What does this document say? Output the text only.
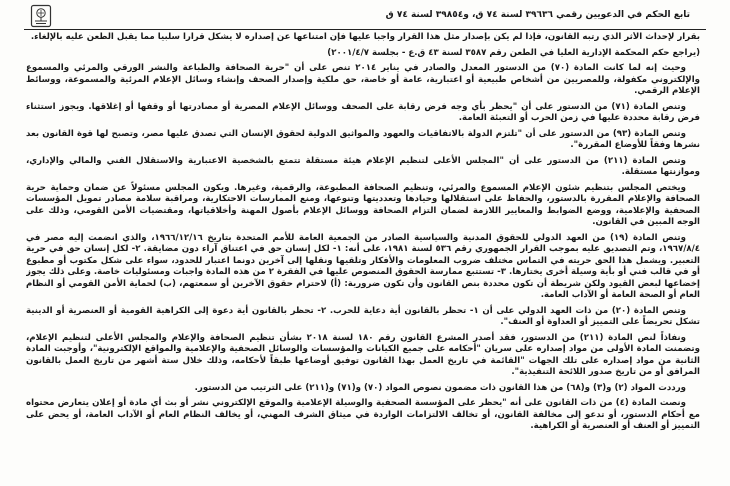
تابع الحكم في الدعويين رقمي ٣٩٦٣٦ لسنة ٧٤ ق، و٣٩٨٥٤ لسنة ٧٤ ق

بقرار لإحداث الأثر الذي رتبه القانون، فإذا لم يكن بإصدار مثل هذا القرار واجباً عليها فإن امتناعها عن إصداره لا يشكل قراراً سلبياً مما يقبل الطعن عليه بالإلغاء.

(يراجع حكم المحكمة الإدارية العليا في الطعن رقم ٣٥٨٧ لسنة ٤٣ ق.ع - بجلسة ٢٠٠١/٤/٧)

وحيث إنه لما كانت المادة (٧٠) من الدستور المعدل والصادر في يناير ٢٠١٤ تنص على أن "حرية الصحافة والطباعة والنشر الورقي والمرئي والمسموع والإلكتروني مكفولة، وللمصريين من أشخاص طبيعية أو اعتبارية، عامة أو خاصة، حق ملكية وإصدار الصحف وإنشاء وسائل الإعلام المرئية والمسموعة، ووسائط الإعلام الرقمي.

وتنص المادة (٧١) من الدستور على أن "يحظر بأي وجه فرض رقابة على الصحف ووسائل الإعلام المصرية أو مصادرتها أو وقفها أو إغلاقها. ويجوز استثناء فرض رقابة محددة عليها في زمن الحرب أو التعبئة العامة.

وتنص المادة (٩٣) من الدستور على أن "تلتزم الدولة بالاتفاقيات والعهود والمواثيق الدولية لحقوق الإنسان التي تصدق عليها مصر، وتصبح لها قوة القانون بعد نشرها وفقاً للأوضاع المقررة".

وتنص المادة (٢١١) من الدستور على أن "المجلس الأعلى لتنظيم الإعلام هيئة مستقلة تتمتع بالشخصية الاعتبارية والاستقلال الفني والمالي والإداري، وموازنتها مستقلة.

ويختص المجلس بتنظيم شئون الإعلام المسموع والمرئي، وتنظيم الصحافة المطبوعة، والرقمية، وغيرها. ويكون المجلس مسئولاً عن ضمان وحماية حرية الصحافة والإعلام المقررة بالدستور، والحفاظ على استقلالها وحيادها وتعدديتها وتنوعها، ومنع الممارسات الاحتكارية، ومراقبة سلامة مصادر تمويل المؤسسات الصحفية والإعلامية، ووضع الضوابط والمعايير اللازمة لضمان التزام الصحافة ووسائل الإعلام بأصول المهنة وأخلاقياتها، ومقتضيات الأمن القومي، وذلك على الوجه المبين في القانون.

وتنص المادة (١٩) من العهد الدولي للحقوق المدنية والسياسية الصادر من الجمعية العامة للأمم المتحدة بتاريخ ١٩٦٦/١٢/١٦، والذي انضمت إليه مصر في ١٩٦٧/٨/٤، وتم التصديق عليه بموجب القرار الجمهوري رقم ٥٣٦ لسنة ١٩٨١، على أنه: ١- لكل إنسان حق في اعتناق آراء دون مضايقة. ٢- لكل إنسان حق في حرية التعبير. ويشمل هذا الحق حريته في التماس مختلف ضروب المعلومات والأفكار وتلقيها ونقلها إلى آخرين دونما اعتبار للحدود، سواء على شكل مكتوب أو مطبوع أو في قالب فني أو بأية وسيلة أخرى يختارها. ٣- تستتبع ممارسة الحقوق المنصوص عليها في الفقرة ٢ من هذه المادة واجبات ومسئوليات خاصة. وعلى ذلك يجوز إخضاعها لبعض القيود ولكن شريطة أن تكون محددة بنص القانون وأن تكون ضرورية: (أ) لاحترام حقوق الآخرين أو سمعتهم، (ب) لحماية الأمن القومي أو النظام العام أو الصحة العامة أو الآداب العامة.

وتنص المادة (٢٠) من ذات العهد الدولي على أن ١- تحظر بالقانون أية دعاية للحرب. ٢- تحظر بالقانون أية دعوة إلى الكراهية القومية أو العنصرية أو الدينية تشكل تحريضاً على التمييز أو العداوة أو العنف".

ونفاذاً لنص المادة (٢١١) من الدستور، فقد أصدر المشرع القانون رقم ١٨٠ لسنة ٢٠١٨ بشأن تنظيم الصحافة والإعلام والمجلس الأعلى لتنظيم الإعلام، وتضمنت المادة الأولى من مواد إصداره على سريان "أحكامه على جميع الكيانات والمؤسسات والوسائل الصحفية والإعلامية والمواقع الإلكترونية"، وأوجبت المادة الثانية من مواد إصداره على تلك الجهات "القائمة في تاريخ العمل بهذا القانون توفيق أوضاعها طبقاً لأحكامه، وذلك خلال ستة أشهر من تاريخ العمل بالقانون المرافق أو من تاريخ صدور اللائحة التنفيذية".

ورددت المواد (٢) و(٣) و(٦٨) من هذا القانون ذات مضمون نصوص المواد (٧٠) و(٧١) و(٢١١) على الترتيب من الدستور.

ونصت المادة (٤) من ذات القانون على أنه "يحظر على المؤسسة الصحفية والوسيلة الإعلامية والموقع الإلكتروني نشر أو بث أي مادة أو إعلان يتعارض محتواه مع أحكام الدستور، أو تدعو إلى مخالفة القانون، أو تخالف الالتزامات الواردة في ميثاق الشرف المهني، أو يخالف النظام العام أو الآداب العامة، أو يحض على التمييز أو العنف أو العنصرية أو الكراهية.
